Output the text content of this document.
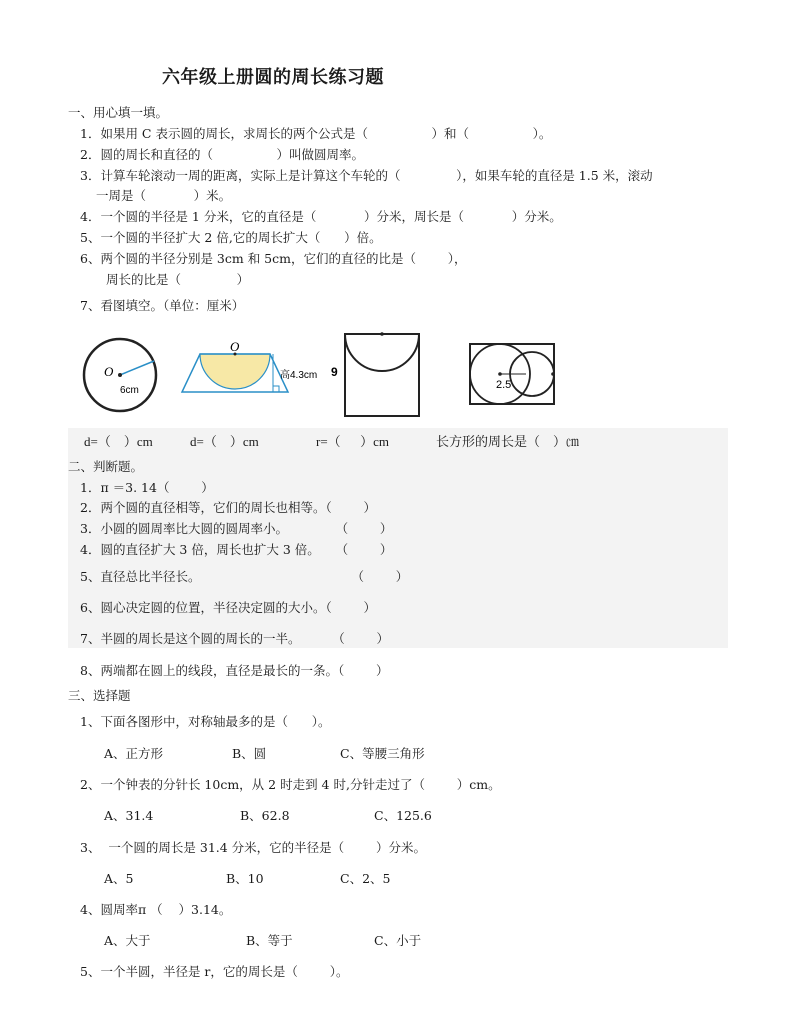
六年级上册圆的周长练习题
一、用心填一填。
1．如果用 C 表示圆的周长，求周长的两个公式是（                ）和（                ）。
2．圆的周长和直径的（                ）叫做圆周率。
3．计算车轮滚动一周的距离，实际上是计算这个车轮的（              ），如果车轮的直径是 1.5 米，滚动
一周是（            ）米。
4．一个圆的半径是 1 分米，它的直径是（            ）分米，周长是（            ）分米。
5、一个圆的半径扩大 2 倍,它的周长扩大（      ）倍。
6、两个圆的半径分别是 3cm 和 5cm，它们的直径的比是（        ），
周长的比是（              ）
7、看图填空。（单位：厘米）
O
6cm
O
高4.3cm 9
2.5
d=（    ）cm	d=（    ）cm	r=（      ）cm	长方形的周长是（    ）㎝
二、判断题。
1．π ＝3. 14（        ）
2．两个圆的直径相等，它们的周长也相等。（        ）
3．小圆的圆周率比大圆的圆周率小。            （        ）
4．圆的直径扩大 3 倍，周长也扩大 3 倍。    （        ）
5、直径总比半径长。                                      （        ）
6、圆心决定圆的位置，半径决定圆的大小。（        ）
7、半圆的周长是这个圆的周长的一半。        （        ）
8、两端都在圆上的线段，直径是最长的一条。（        ）
三、选择题
1、下面各图形中，对称轴最多的是（      ）。
A、正方形	B、圆	C、等腰三角形
2、一个钟表的分针长 10cm，从 2 时走到 4 时,分针走过了（        ）cm。
A、31.4	B、62.8	C、125.6
3、  一个圆的周长是 31.4 分米，它的半径是（        ）分米。
A、5	B、10	C、2、5
4、圆周率π （    ）3.14。
A、大于	B、等于	C、小于
5、一个半圆，半径是 r，它的周长是（        ）。
